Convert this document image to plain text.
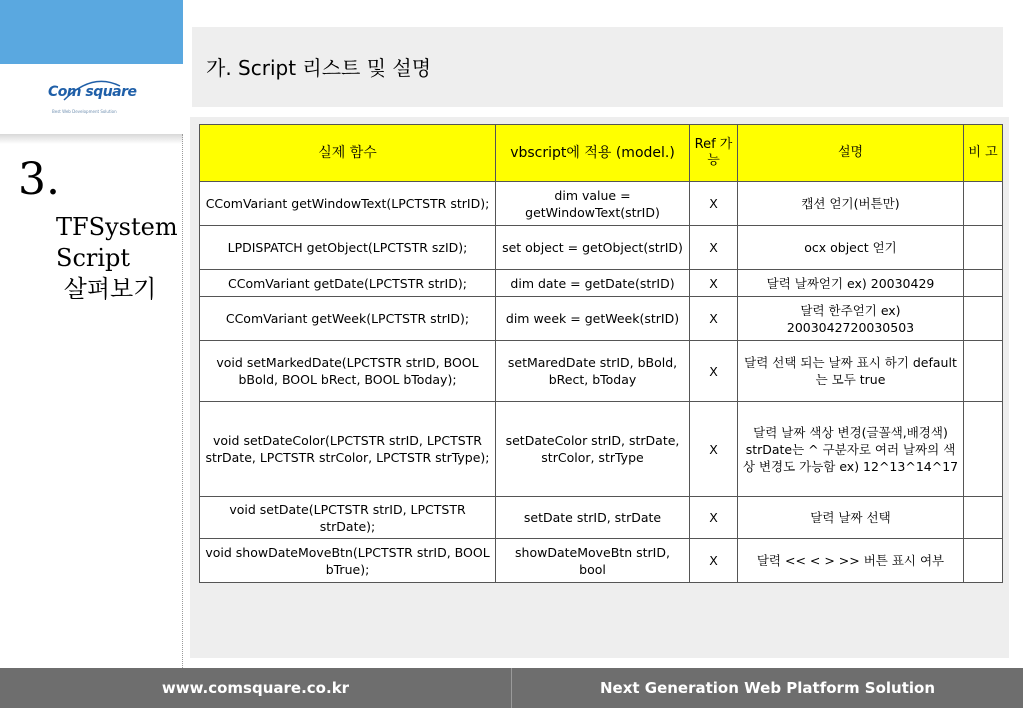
Com square
Best Web Development Solution
3.
TFSystem
Script
살펴보기
가. Script 리스트 및 설명
실제 함수	vbscript에 적용 (model.)	Ref 가 능	설명	비 고
CComVariant getWindowText(LPCTSTR strID);	dim value = getWindowText(strID)	X	캡션 얻기(버튼만)	
LPDISPATCH getObject(LPCTSTR szID);	set object = getObject(strID)	X	ocx object 얻기	
CComVariant getDate(LPCTSTR strID);	dim date = getDate(strID)	X	달력 날짜얻기 ex) 20030429	
CComVariant getWeek(LPCTSTR strID);	dim week = getWeek(strID)	X	달력 한주얻기 ex) 2003042720030503	
void setMarkedDate(LPCTSTR strID, BOOL bBold, BOOL bRect, BOOL bToday);	setMaredDate strID, bBold, bRect, bToday	X	달력 선택 되는 날짜 표시 하기 default는 모두 true	
void setDateColor(LPCTSTR strID, LPCTSTR strDate, LPCTSTR strColor, LPCTSTR strType);	setDateColor strID, strDate, strColor, strType	X	달력 날짜 색상 변경(글꼴색,배경색) strDate는 ^ 구분자로 여러 날짜의 색상 변경도 가능함 ex) 12^13^14^17	
void setDate(LPCTSTR strID, LPCTSTR strDate);	setDate strID, strDate	X	달력 날짜 선택	
void showDateMoveBtn(LPCTSTR strID, BOOL bTrue);	showDateMoveBtn strID, bool	X	달력 << < > >> 버튼 표시 여부	
www.comsquare.co.kr	Next Generation Web Platform Solution
